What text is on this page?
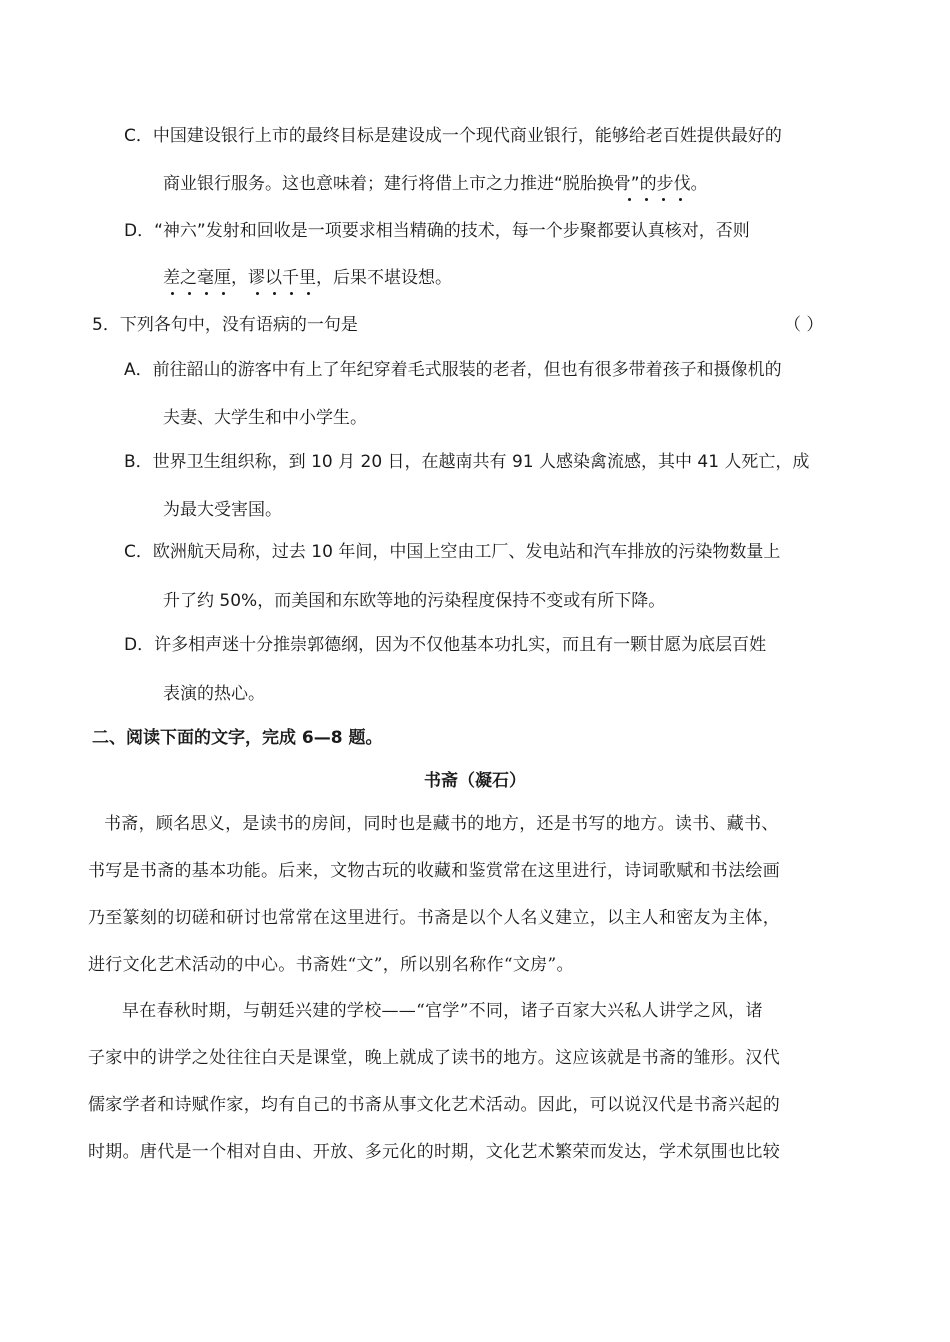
C．中国建设银行上市的最终目标是建设成一个现代商业银行，能够给老百姓提供最好的
商业银行服务。这也意味着；建行将借上市之力推进“脱胎换骨”的步伐。
D．“神六”发射和回收是一项要求相当精确的技术，每一个步聚都要认真核对，否则
差之毫厘，谬以千里，后果不堪设想。
5．下列各句中，没有语病的一句是	（ ）
A．前往韶山的游客中有上了年纪穿着毛式服装的老者，但也有很多带着孩子和摄像机的
夫妻、大学生和中小学生。
B．世界卫生组织称，到 10 月 20 日，在越南共有 91 人感染禽流感，其中 41 人死亡，成
为最大受害国。
C．欧洲航天局称，过去 10 年间，中国上空由工厂、发电站和汽车排放的污染物数量上
升了约 50%，而美国和东欧等地的污染程度保持不变或有所下降。
D．许多相声迷十分推崇郭德纲，因为不仅他基本功扎实，而且有一颗甘愿为底层百姓
表演的热心。
二、阅读下面的文字，完成 6—8 题。
书斋（凝石）
书斋，顾名思义，是读书的房间，同时也是藏书的地方，还是书写的地方。读书、藏书、
书写是书斋的基本功能。后来，文物古玩的收藏和鉴赏常在这里进行，诗词歌赋和书法绘画
乃至篆刻的切磋和研讨也常常在这里进行。书斋是以个人名义建立，以主人和密友为主体，
进行文化艺术活动的中心。书斋姓“文”，所以别名称作“文房”。
早在春秋时期，与朝廷兴建的学校——“官学”不同，诸子百家大兴私人讲学之风，诸
子家中的讲学之处往往白天是课堂，晚上就成了读书的地方。这应该就是书斋的雏形。汉代
儒家学者和诗赋作家，均有自己的书斋从事文化艺术活动。因此，可以说汉代是书斋兴起的
时期。唐代是一个相对自由、开放、多元化的时期，文化艺术繁荣而发达，学术氛围也比较
